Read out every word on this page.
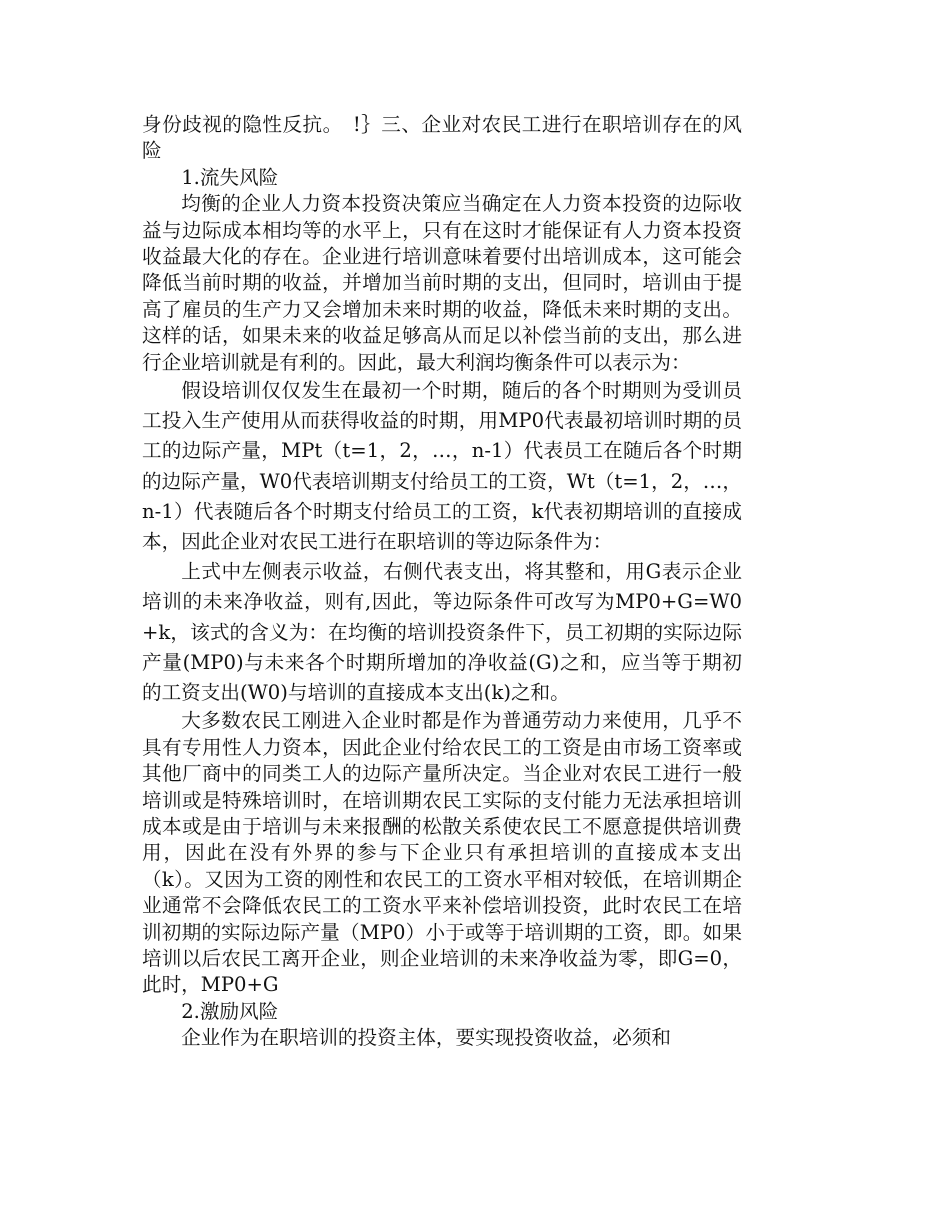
身份歧视的隐性反抗。　!｝三、企业对农民工进行在职培训存在的风险

1.流失风险

均衡的企业人力资本投资决策应当确定在人力资本投资的边际收益与边际成本相均等的水平上，只有在这时才能保证有人力资本投资收益最大化的存在。企业进行培训意味着要付出培训成本，这可能会降低当前时期的收益，并增加当前时期的支出，但同时，培训由于提高了雇员的生产力又会增加未来时期的收益，降低未来时期的支出。这样的话，如果未来的收益足够高从而足以补偿当前的支出，那么进行企业培训就是有利的。因此，最大利润均衡条件可以表示为：

假设培训仅仅发生在最初一个时期，随后的各个时期则为受训员工投入生产使用从而获得收益的时期，用MP0代表最初培训时期的员工的边际产量，MPt（t=1，2，…，n-1）代表员工在随后各个时期的边际产量，W0代表培训期支付给员工的工资，Wt（t=1，2，…，n-1）代表随后各个时期支付给员工的工资，k代表初期培训的直接成本，因此企业对农民工进行在职培训的等边际条件为：

上式中左侧表示收益，右侧代表支出，将其整和，用G表示企业培训的未来净收益，则有,因此，等边际条件可改写为MP0+G=W0+k，该式的含义为：在均衡的培训投资条件下，员工初期的实际边际产量(MP0)与未来各个时期所增加的净收益(G)之和，应当等于期初的工资支出(W0)与培训的直接成本支出(k)之和。

大多数农民工刚进入企业时都是作为普通劳动力来使用，几乎不具有专用性人力资本，因此企业付给农民工的工资是由市场工资率或其他厂商中的同类工人的边际产量所决定。当企业对农民工进行一般培训或是特殊培训时，在培训期农民工实际的支付能力无法承担培训成本或是由于培训与未来报酬的松散关系使农民工不愿意提供培训费用，因此在没有外界的参与下企业只有承担培训的直接成本支出（k）。又因为工资的刚性和农民工的工资水平相对较低，在培训期企业通常不会降低农民工的工资水平来补偿培训投资，此时农民工在培训初期的实际边际产量（MP0）小于或等于培训期的工资，即。如果培训以后农民工离开企业，则企业培训的未来净收益为零，即G=0，此时，MP0+G

2.激励风险

企业作为在职培训的投资主体，要实现投资收益，必须和
